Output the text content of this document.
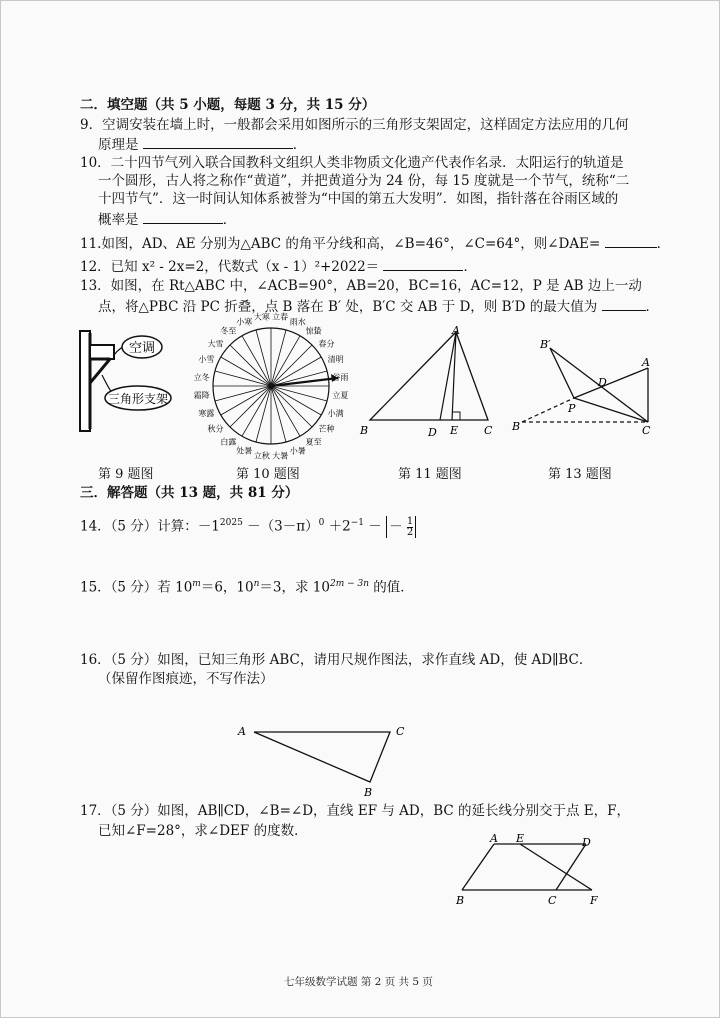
二．填空题（共 5 小题，每题 3 分，共 15 分）
9．空调安装在墙上时，一般都会采用如图所示的三角形支架固定，这样固定方法应用的几何
原理是	．
10．二十四节气列入联合国教科文组织人类非物质文化遗产代表作名录．太阳运行的轨道是
一个圆形，古人将之称作“黄道”，并把黄道分为 24 份，每 15 度就是一个节气，统称“二
十四节气”．这一时间认知体系被誉为“中国的第五大发明”．如图，指针落在谷雨区域的
概率是	．
11.如图，AD、AE 分别为△ABC 的角平分线和高，∠B=46°，∠C=64°，则∠DAE=	．
12．已知 x² - 2x=2，代数式（x - 1）²+2022＝	．
13．如图，在 Rt△ABC 中，∠ACB=90°，AB=20，BC=16，AC=12，P 是 AB 边上一动
点，将△PBC 沿 PC 折叠，点 B 落在 B′ 处，B′C 交 AB 于 D，则 B′D 的最大值为	．
空调
三角形支架
第 9 题图
立春
雨水
惊蛰
春分
清明
谷雨
立夏
小满
芒种
夏至
小暑
大暑
立秋
处暑
白露
秋分
寒露
霜降
立冬
小雪
大雪
冬至
小寒
大寒
第 10 题图
A
B	C
D E
第 11 题图
B′
A
D
P
B	C
第 13 题图
三．解答题（共 13 题，共 81 分）
14．（5 分）计算：$-1^{2025} -(3-\pi)^0 +2^{-1}$ － － $\frac{1}{2}$
15．（5 分）若 $10^m=6$，$10^n=3$，求 $10^{2m - 3n}$ 的值．
16．（5 分）如图，已知三角形 ABC，请用尺规作图法，求作直线 AD，使 AD∥BC．
（保留作图痕迹，不写作法）
A	C
B
17．（5 分）如图，AB∥CD，∠B=∠D，直线 EF 与 AD，BC 的延长线分别交于点 E，F，
已知∠F=28°，求∠DEF 的度数．	A E	D
B	C	F
七年级数学试题 第 2 页 共 5 页
